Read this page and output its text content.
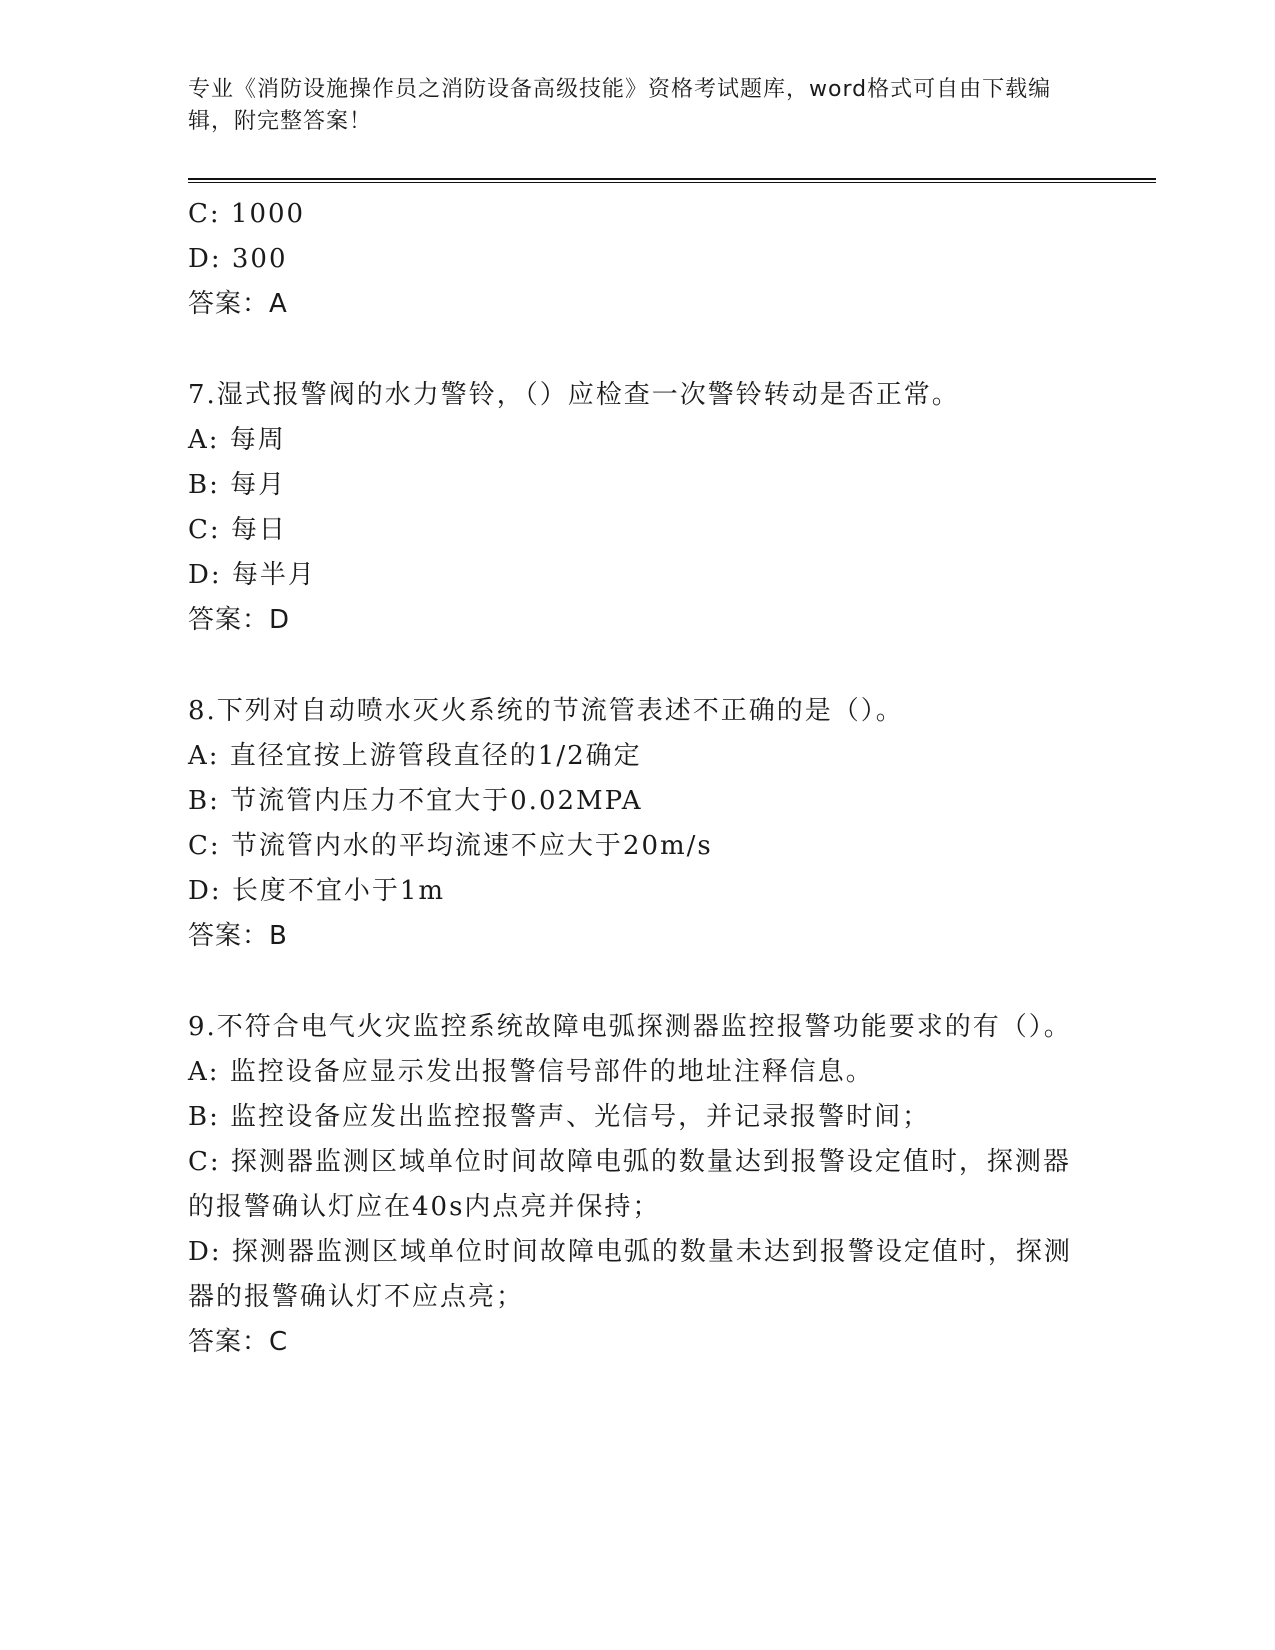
专业《消防设施操作员之消防设备高级技能》资格考试题库，word格式可自由下载编辑，附完整答案！
C: 1000
D: 300
答案：A
7.湿式报警阀的水力警铃，（）应检查一次警铃转动是否正常。
A: 每周
B: 每月
C: 每日
D: 每半月
答案：D
8.下列对自动喷水灭火系统的节流管表述不正确的是（）。
A: 直径宜按上游管段直径的1/2确定
B: 节流管内压力不宜大于0.02MPA
C: 节流管内水的平均流速不应大于20m/s
D: 长度不宜小于1m
答案：B
9.不符合电气火灾监控系统故障电弧探测器监控报警功能要求的有（）。
A: 监控设备应显示发出报警信号部件的地址注释信息。
B: 监控设备应发出监控报警声、光信号，并记录报警时间；
C: 探测器监测区域单位时间故障电弧的数量达到报警设定值时，探测器的报警确认灯应在40s内点亮并保持；
D: 探测器监测区域单位时间故障电弧的数量未达到报警设定值时，探测器的报警确认灯不应点亮；
答案：C
